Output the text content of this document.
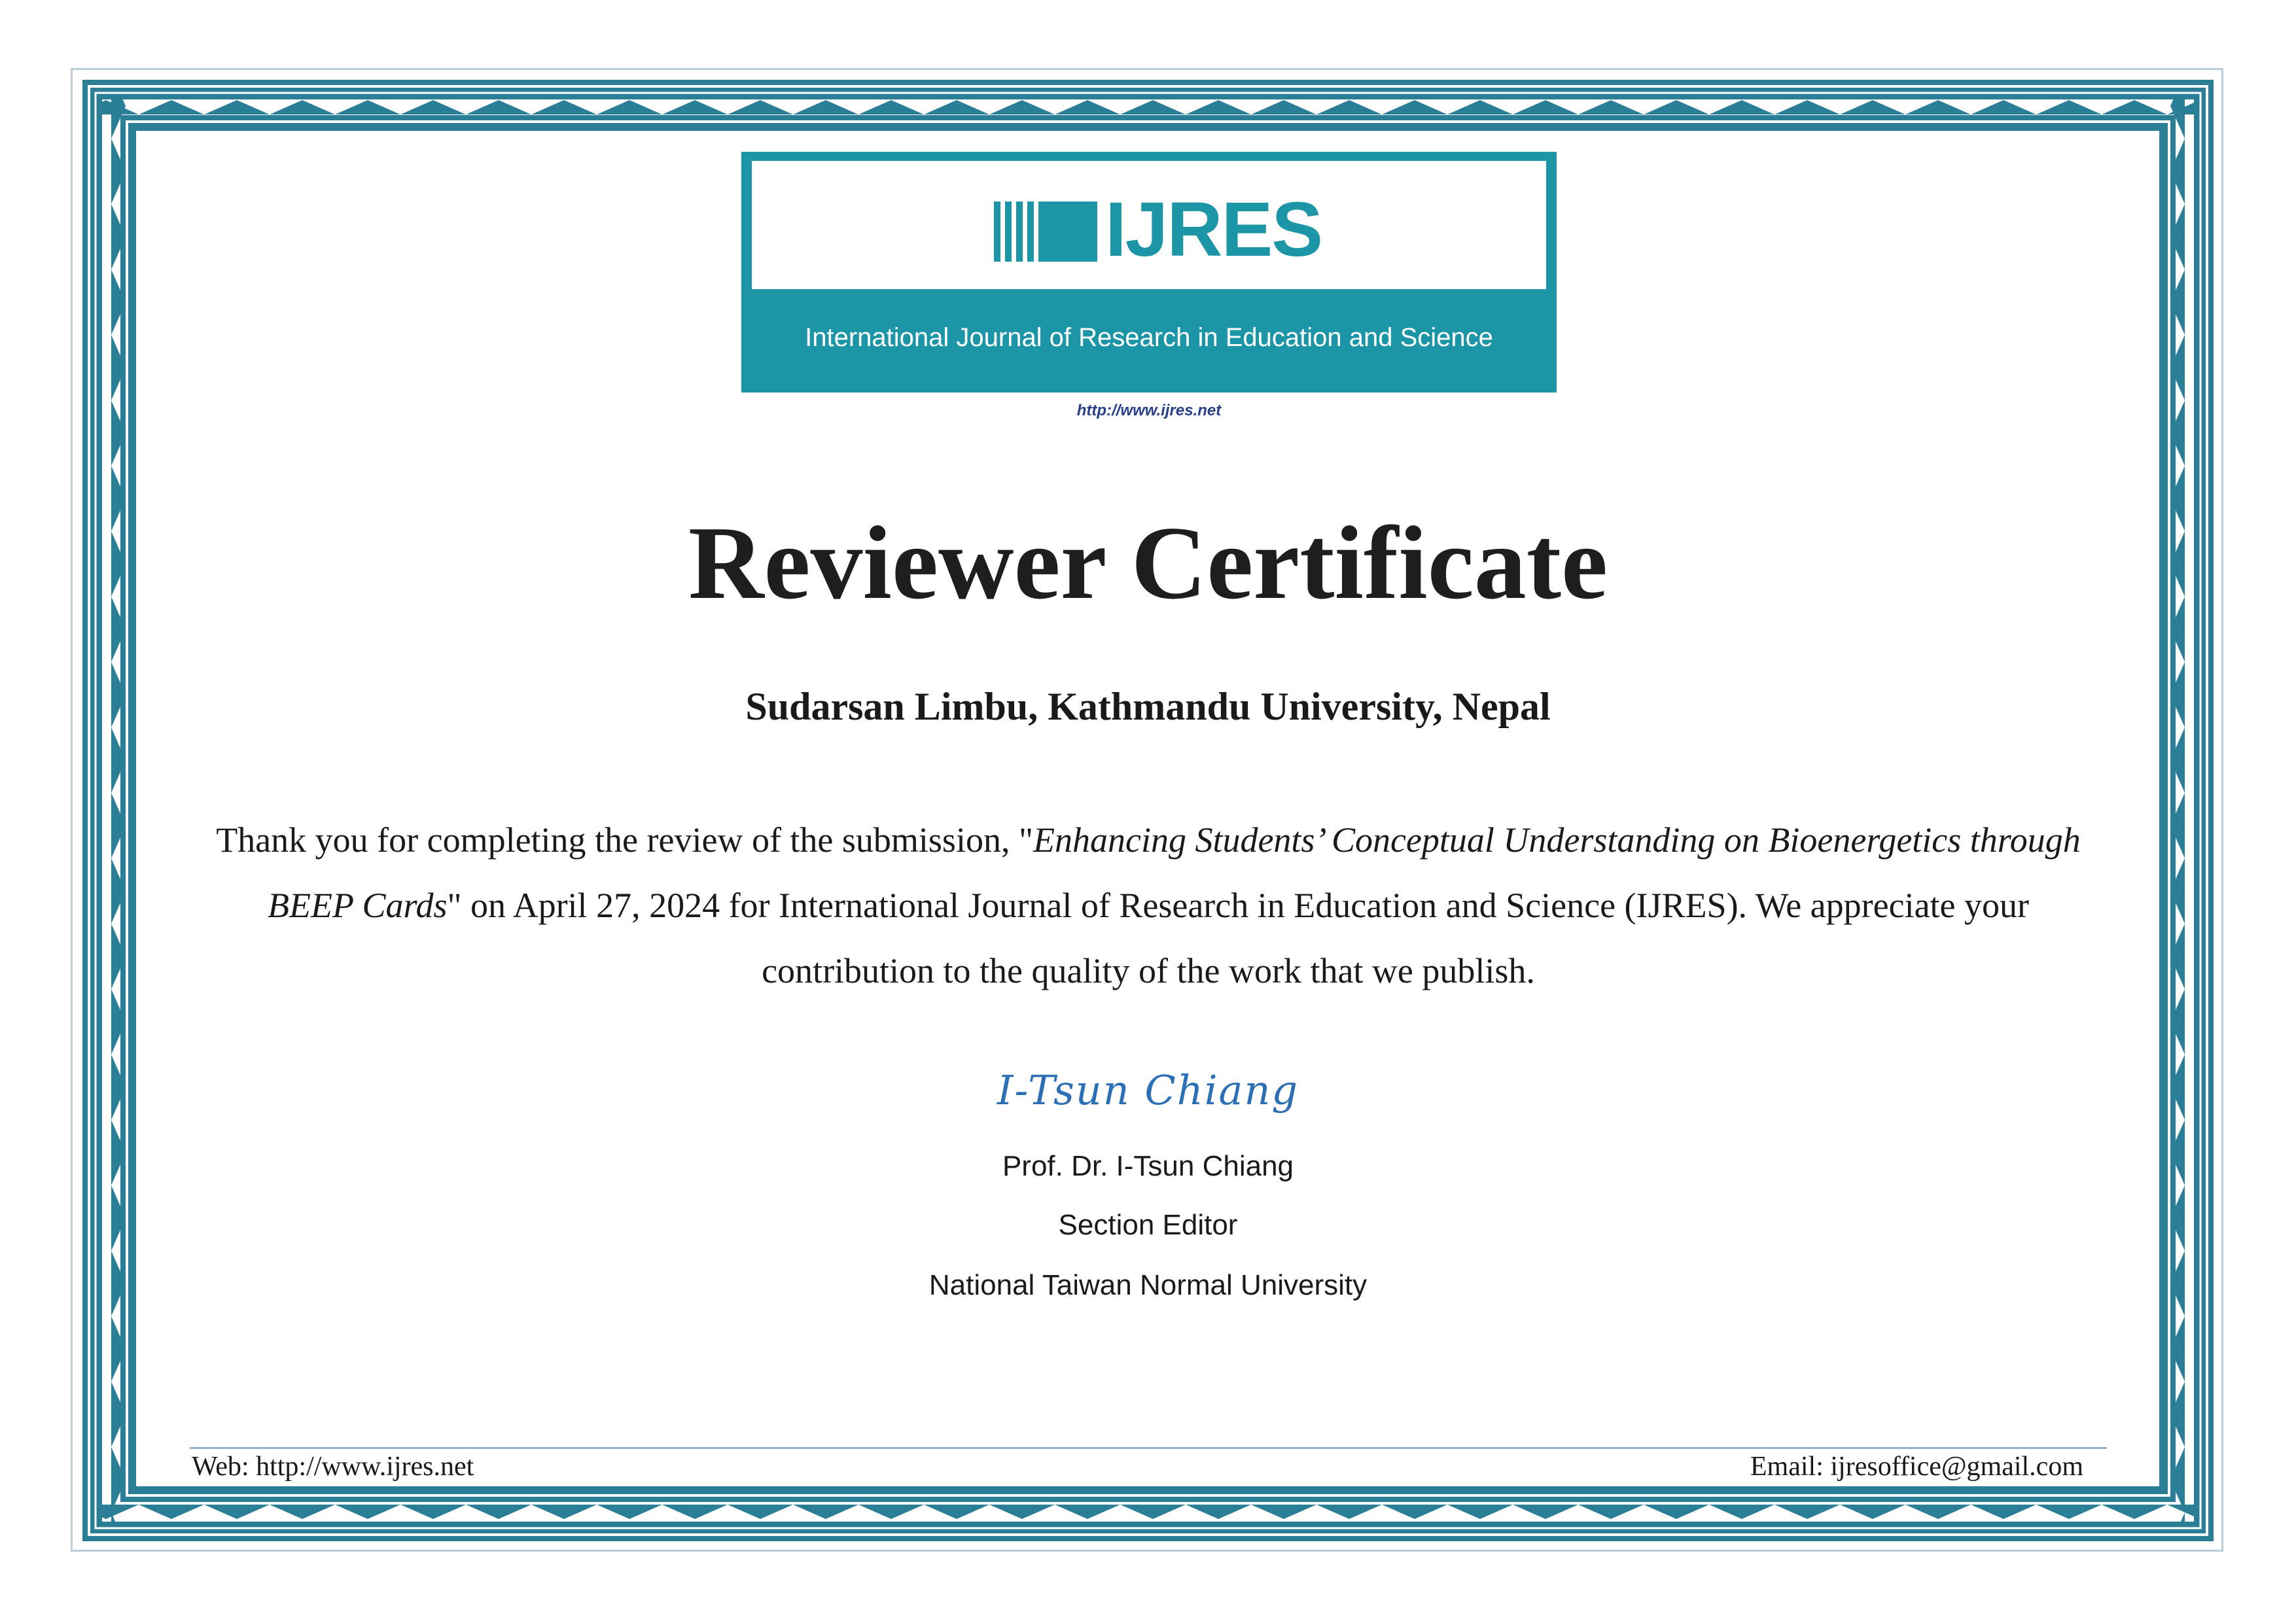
IJRES
International Journal of Research in Education and Science
http://www.ijres.net
Reviewer Certificate
Sudarsan Limbu, Kathmandu University, Nepal
Thank you for completing the review of the submission, "Enhancing Students’ Conceptual Understanding on Bioenergetics through BEEP Cards" on April 27, 2024 for International Journal of Research in Education and Science (IJRES). We appreciate your contribution to the quality of the work that we publish.
I-Tsun Chiang
Prof. Dr. I-Tsun Chiang
Section Editor
National Taiwan Normal University
Web: http://www.ijres.net	Email: ijresoffice@gmail.com
